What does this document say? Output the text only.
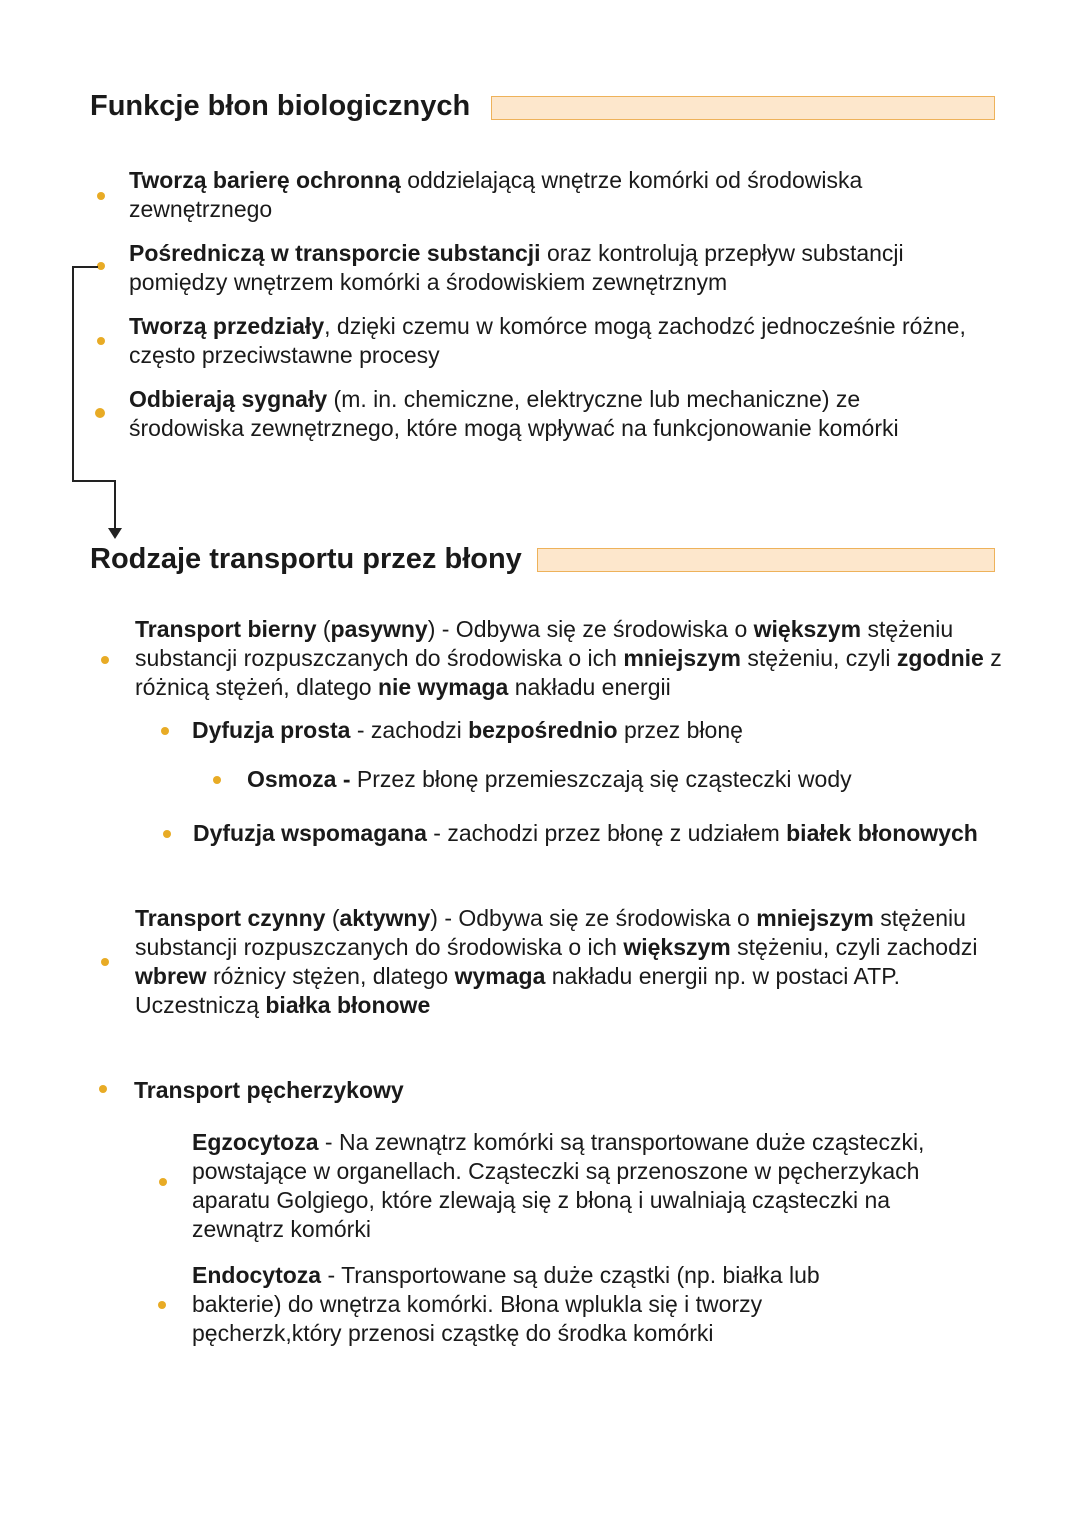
Funkcje błon biologicznych
Tworzą barierę ochronną oddzielającą wnętrze komórki od środowiska zewnętrznego
Pośredniczą w transporcie substancji oraz kontrolują przepływ substancji pomiędzy wnętrzem komórki a środowiskiem zewnętrznym
Tworzą przedziały, dzięki czemu w komórce mogą zachodzć jednocześnie różne, często przeciwstawne procesy
Odbierają sygnały (m. in. chemiczne, elektryczne lub mechaniczne) ze środowiska zewnętrznego, które mogą wpływać na funkcjonowanie komórki
Rodzaje transportu przez błony
Transport bierny (pasywny) - Odbywa się ze środowiska o większym stężeniu substancji rozpuszczanych do środowiska o ich mniejszym stężeniu, czyli zgodnie z różnicą stężeń, dlatego nie wymaga nakładu energii
Dyfuzja prosta - zachodzi bezpośrednio przez błonę
Osmoza - Przez błonę przemieszczają się cząsteczki wody
Dyfuzja wspomagana - zachodzi przez błonę z udziałem białek błonowych
Transport czynny (aktywny) - Odbywa się ze środowiska o mniejszym stężeniu substancji rozpuszczanych do środowiska o ich większym stężeniu, czyli zachodzi wbrew różnicy stężen, dlatego wymaga nakładu energii np. w postaci ATP. Uczestniczą białka błonowe
Transport pęcherzykowy
Egzocytoza - Na zewnątrz komórki są transportowane duże cząsteczki, powstające w organellach. Cząsteczki są przenoszone w pęcherzykach aparatu Golgiego, które zlewają się z błoną i uwalniają cząsteczki na zewnątrz komórki
Endocytoza - Transportowane są duże cząstki (np. białka lub bakterie) do wnętrza komórki. Błona wplukla się i tworzy pęcherzk,który przenosi cząstkę do środka komórki
